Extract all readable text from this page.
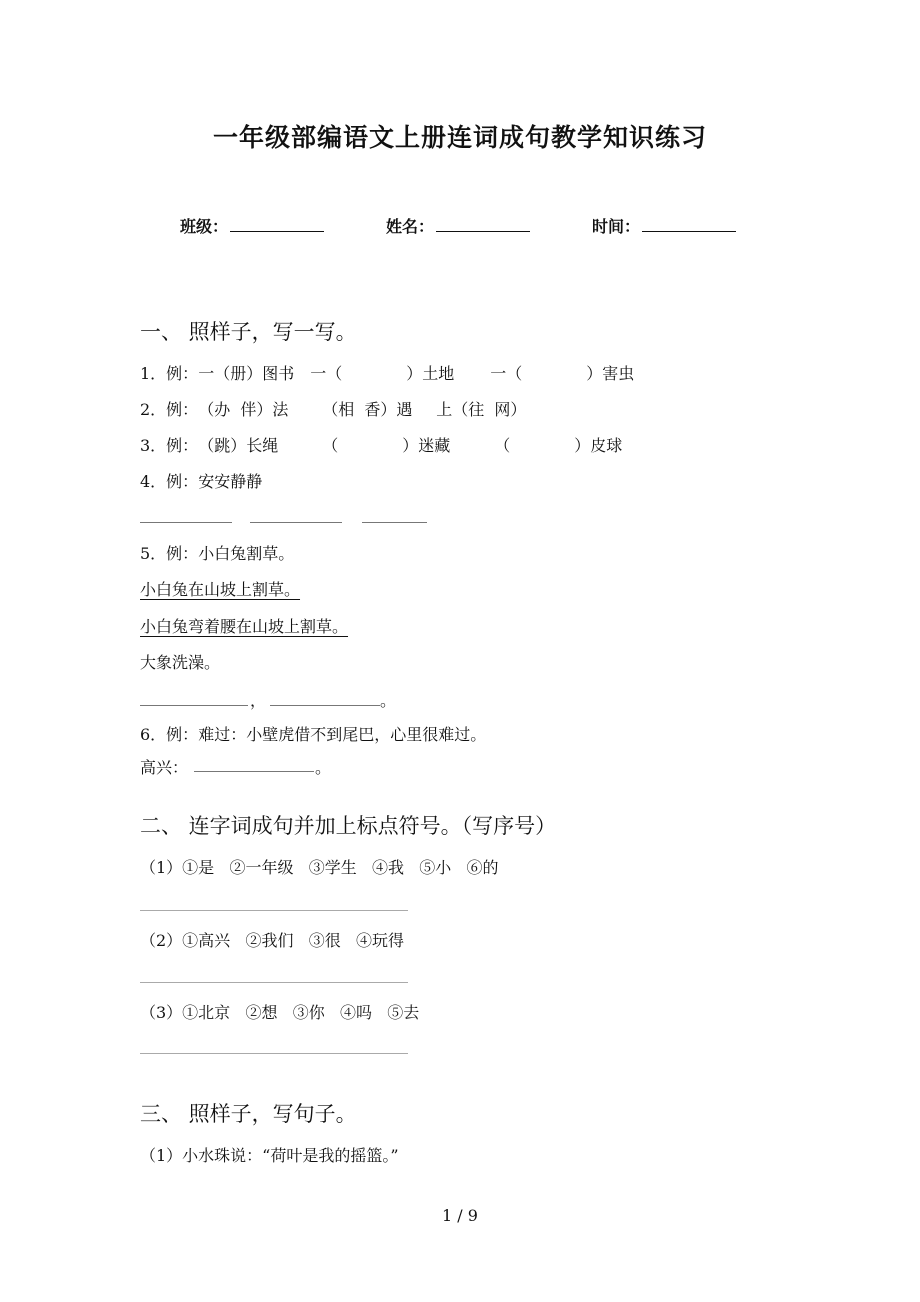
一年级部编语文上册连词成句教学知识练习
班级：	姓名：	时间：
一、 照样子，写一写。
1．例：一（册）图书 一（	）土地 一（	）害虫
2．例：（办  伴）法 （相  香）遇 上（往  网）
3．例：（跳）长绳	（	）迷藏	（	）皮球
4．例：安安静静
5．例：小白兔割草。
小白兔在山坡上割草。
小白兔弯着腰在山坡上割草。
大象洗澡。
，	。
6．例：难过：小壁虎借不到尾巴，心里很难过。
高兴：	。
二、 连字词成句并加上标点符号。（写序号）
（1）①是   ②一年级   ③学生   ④我   ⑤小   ⑥的
（2）①高兴   ②我们   ③很   ④玩得
（3）①北京   ②想   ③你   ④吗   ⑤去
三、 照样子，写句子。
（1）小水珠说：“荷叶是我的摇篮。”
1 / 9
